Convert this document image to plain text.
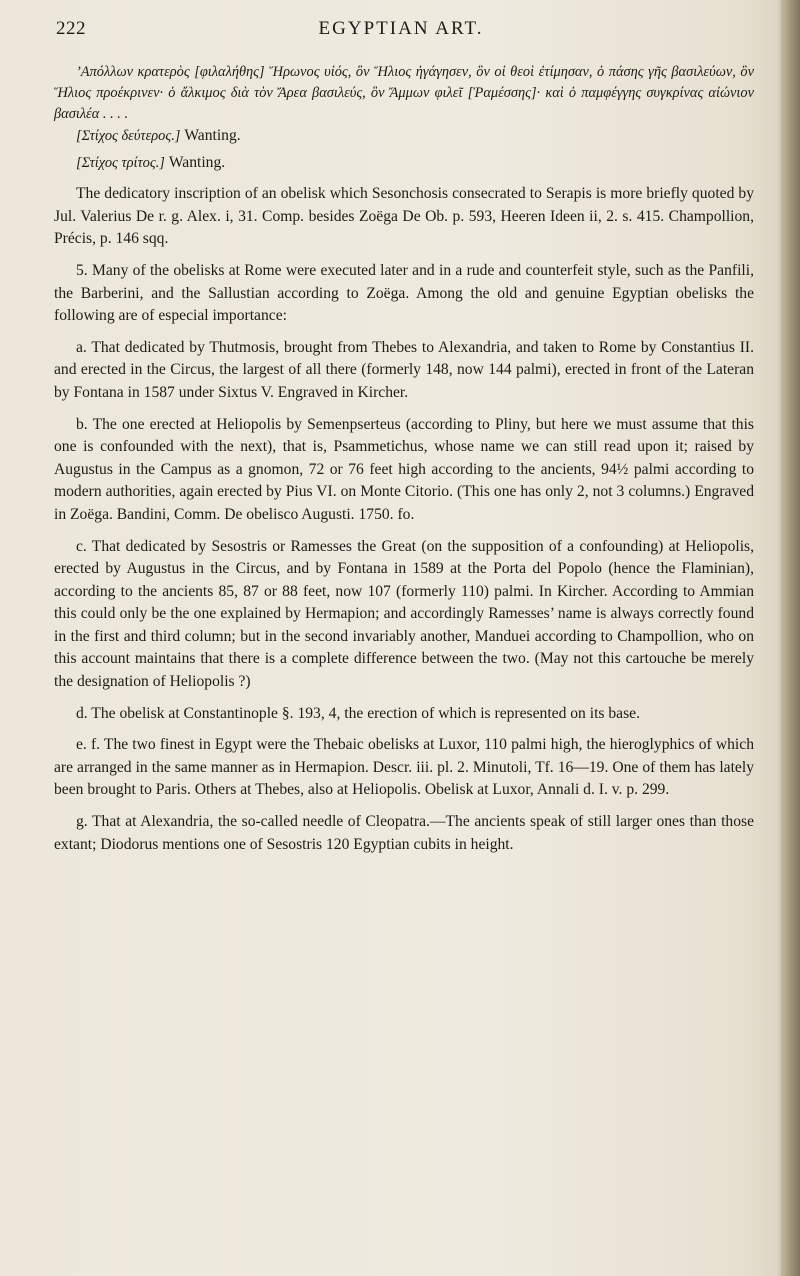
222	EGYPTIAN ART.

’Απόλλων κρατερὸς [φιλαλήθης] Ἥρωνος υἱός, ὃν Ἥλιος ἠγάγησεν, ὃν οἱ θεοὶ ἐτίμησαν, ὁ πάσης γῆς βασιλεύων, ὃν Ἥλιος προέκρινεν· ὁ ἄλκιμος διὰ τὸν Ἄρεα βασιλεύς, ὃν Ἄμμων φιλεῖ [Ῥαμέσσης]· καὶ ὁ παμφέγγης συγκρίνας αἰώνιον βασιλέα . . . .

[Στίχος δεύτερος.] Wanting.

[Στίχος τρίτος.] Wanting.

The dedicatory inscription of an obelisk which Sesonchosis consecrated to Serapis is more briefly quoted by Jul. Valerius De r. g. Alex. i, 31. Comp. besides Zoëga De Ob. p. 593, Heeren Ideen ii, 2. s. 415. Champollion, Précis, p. 146 sqq.

5. Many of the obelisks at Rome were executed later and in a rude and counterfeit style, such as the Panfili, the Barberini, and the Sallustian according to Zoëga. Among the old and genuine Egyptian obelisks the following are of especial importance:

a. That dedicated by Thutmosis, brought from Thebes to Alexandria, and taken to Rome by Constantius II. and erected in the Circus, the largest of all there (formerly 148, now 144 palmi), erected in front of the Lateran by Fontana in 1587 under Sixtus V. Engraved in Kircher.

b. The one erected at Heliopolis by Semenpserteus (according to Pliny, but here we must assume that this one is confounded with the next), that is, Psammetichus, whose name we can still read upon it; raised by Augustus in the Campus as a gnomon, 72 or 76 feet high according to the ancients, 94½ palmi according to modern authorities, again erected by Pius VI. on Monte Citorio. (This one has only 2, not 3 columns.) Engraved in Zoëga. Bandini, Comm. De obelisco Augusti. 1750. fo.

c. That dedicated by Sesostris or Ramesses the Great (on the supposition of a confounding) at Heliopolis, erected by Augustus in the Circus, and by Fontana in 1589 at the Porta del Popolo (hence the Flaminian), according to the ancients 85, 87 or 88 feet, now 107 (formerly 110) palmi. In Kircher. According to Ammian this could only be the one explained by Hermapion; and accordingly Ramesses’ name is always correctly found in the first and third column; but in the second invariably another, Manduei according to Champollion, who on this account maintains that there is a complete difference between the two. (May not this cartouche be merely the designation of Heliopolis ?)

d. The obelisk at Constantinople §. 193, 4, the erection of which is represented on its base.

e. f. The two finest in Egypt were the Thebaic obelisks at Luxor, 110 palmi high, the hieroglyphics of which are arranged in the same manner as in Hermapion. Descr. iii. pl. 2. Minutoli, Tf. 16—19. One of them has lately been brought to Paris. Others at Thebes, also at Heliopolis. Obelisk at Luxor, Annali d. I. v. p. 299.

g. That at Alexandria, the so-called needle of Cleopatra.—The ancients speak of still larger ones than those extant; Diodorus mentions one of Sesostris 120 Egyptian cubits in height.
